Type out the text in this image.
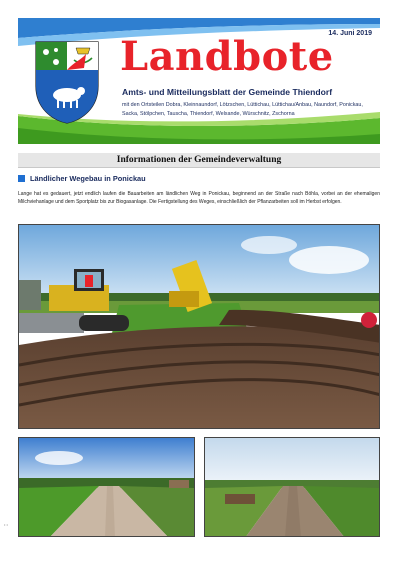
14. Juni 2019
Landbote
Amts- und Mitteilungsblatt der Gemeinde Thiendorf
mit den Ortsteilen Dobra, Kleinnaundorf, Lötzschen, Lüttichau, Lüttichau/Anbau, Naundorf, Ponickau, Sacka, Stölpchen, Tauscha, Thiendorf, Welxande, Würschnitz, Zschorna
Informationen der Gemeindeverwaltung
Ländlicher Wegebau in Ponickau

Lange hat es gedauert, jetzt endlich laufen die Bauarbeiten am ländlichen Weg in Ponickau, beginnend an der Straße nach Böhla, vorbei an der ehemaligen Milchviehanlage und dem Sportplatz bis zur Biogasanlage. Die Fertigstellung des Weges, einschließlich der Pflanzarbeiten soll im Herbst erfolgen.

• •
